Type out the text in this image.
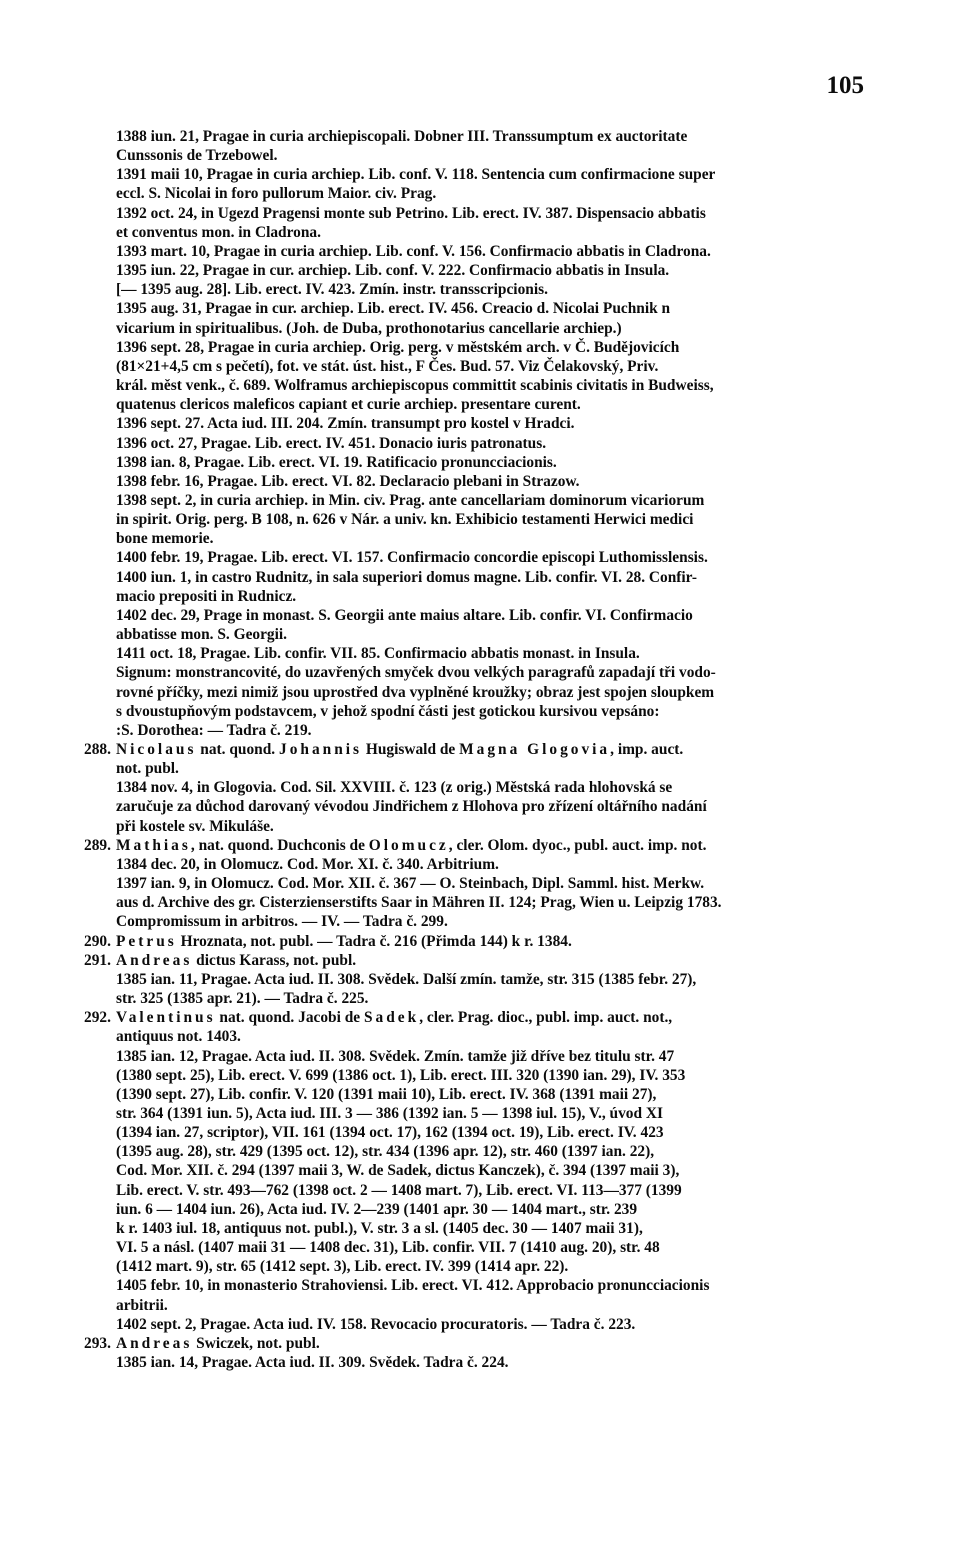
105
1388 iun. 21, Pragae in curia archiepiscopali. Dobner III. Transsumptum ex auctoritate
Cunssonis de Trzebowel.
1391 maii 10, Pragae in curia archiep. Lib. conf. V. 118. Sentencia cum confirmacione super
eccl. S. Nicolai in foro pullorum Maior. civ. Prag.
1392 oct. 24, in Ugezd Pragensi monte sub Petrino. Lib. erect. IV. 387. Dispensacio abbatis
et conventus mon. in Cladrona.
1393 mart. 10, Pragae in curia archiep. Lib. conf. V. 156. Confirmacio abbatis in Cladrona.
1395 iun. 22, Pragae in cur. archiep. Lib. conf. V. 222. Confirmacio abbatis in Insula.
[— 1395 aug. 28]. Lib. erect. IV. 423. Zmín. instr. transscripcionis.
1395 aug. 31, Pragae in cur. archiep. Lib. erect. IV. 456. Creacio d. Nicolai Puchnik n
vicarium in spiritualibus. (Joh. de Duba, prothonotarius cancellarie archiep.)
1396 sept. 28, Pragae in curia archiep. Orig. perg. v městském arch. v Č. Budějovicích
(81×21+4,5 cm s pečetí), fot. ve stát. úst. hist., F Čes. Bud. 57. Viz Čelakovský, Priv.
král. měst venk., č. 689. Wolframus archiepiscopus committit scabinis civitatis in Budweiss,
quatenus clericos maleficos capiant et curie archiep. presentare curent.
1396 sept. 27. Acta iud. III. 204. Zmín. transumpt pro kostel v Hradci.
1396 oct. 27, Pragae. Lib. erect. IV. 451. Donacio iuris patronatus.
1398 ian. 8, Pragae. Lib. erect. VI. 19. Ratificacio pronuncciacionis.
1398 febr. 16, Pragae. Lib. erect. VI. 82. Declaracio plebani in Strazow.
1398 sept. 2, in curia archiep. in Min. civ. Prag. ante cancellariam dominorum vicariorum
in spirit. Orig. perg. B 108, n. 626 v Nár. a univ. kn. Exhibicio testamenti Herwici medici
bone memorie.
1400 febr. 19, Pragae. Lib. erect. VI. 157. Confirmacio concordie episcopi Luthomisslensis.
1400 iun. 1, in castro Rudnitz, in sala superiori domus magne. Lib. confir. VI. 28. Confir-
macio prepositi in Rudnicz.
1402 dec. 29, Prage in monast. S. Georgii ante maius altare. Lib. confir. VI. Confirmacio
abbatisse mon. S. Georgii.
1411 oct. 18, Pragae. Lib. confir. VII. 85. Confirmacio abbatis monast. in Insula.
Signum: monstrancovité, do uzavřených smyček dvou velkých paragrafů zapadají tři vodo-
rovné příčky, mezi nimiž jsou uprostřed dva vyplněné kroužky; obraz jest spojen sloupkem
s dvoustupňovým podstavcem, v jehož spodní části jest gotickou kursivou vepsáno:
:S. Dorothea: — Tadra č. 219.
288. Nicolaus nat. quond. Johannis Hugiswald de Magna Glogovia, imp. auct.
not. publ.
1384 nov. 4, in Glogovia. Cod. Sil. XXVIII. č. 123 (z orig.) Městská rada hlohovská se
zaručuje za důchod darovaný vévodou Jindřichem z Hlohova pro zřízení oltářního nadání
při kostele sv. Mikuláše.
289. Mathias, nat. quond. Duchconis de Olomucz, cler. Olom. dyoc., publ. auct. imp. not.
1384 dec. 20, in Olomucz. Cod. Mor. XI. č. 340. Arbitrium.
1397 ian. 9, in Olomucz. Cod. Mor. XII. č. 367 — O. Steinbach, Dipl. Samml. hist. Merkw.
aus d. Archive des gr. Cisterzienserstifts Saar in Mähren II. 124; Prag, Wien u. Leipzig 1783.
Compromissum in arbitros. — IV. — Tadra č. 299.
290. Petrus Hroznata, not. publ. — Tadra č. 216 (Přimda 144) k r. 1384.
291. Andreas dictus Karass, not. publ.
1385 ian. 11, Pragae. Acta iud. II. 308. Svědek. Další zmín. tamže, str. 315 (1385 febr. 27),
str. 325 (1385 apr. 21). — Tadra č. 225.
292. Valentinus nat. quond. Jacobi de Sadek, cler. Prag. dioc., publ. imp. auct. not.,
antiquus not. 1403.
1385 ian. 12, Pragae. Acta iud. II. 308. Svědek. Zmín. tamže již dříve bez titulu str. 47
(1380 sept. 25), Lib. erect. V. 699 (1386 oct. 1), Lib. erect. III. 320 (1390 ian. 29), IV. 353
(1390 sept. 27), Lib. confir. V. 120 (1391 maii 10), Lib. erect. IV. 368 (1391 maii 27),
str. 364 (1391 iun. 5), Acta iud. III. 3 — 386 (1392 ian. 5 — 1398 iul. 15), V., úvod XI
(1394 ian. 27, scriptor), VII. 161 (1394 oct. 17), 162 (1394 oct. 19), Lib. erect. IV. 423
(1395 aug. 28), str. 429 (1395 oct. 12), str. 434 (1396 apr. 12), str. 460 (1397 ian. 22),
Cod. Mor. XII. č. 294 (1397 maii 3, W. de Sadek, dictus Kanczek), č. 394 (1397 maii 3),
Lib. erect. V. str. 493—762 (1398 oct. 2 — 1408 mart. 7), Lib. erect. VI. 113—377 (1399
iun. 6 — 1404 iun. 26), Acta iud. IV. 2—239 (1401 apr. 30 — 1404 mart., str. 239
k r. 1403 iul. 18, antiquus not. publ.), V. str. 3 a sl. (1405 dec. 30 — 1407 maii 31),
VI. 5 a násl. (1407 maii 31 — 1408 dec. 31), Lib. confir. VII. 7 (1410 aug. 20), str. 48
(1412 mart. 9), str. 65 (1412 sept. 3), Lib. erect. IV. 399 (1414 apr. 22).
1405 febr. 10, in monasterio Strahoviensi. Lib. erect. VI. 412. Approbacio pronuncciacionis
arbitrii.
1402 sept. 2, Pragae. Acta iud. IV. 158. Revocacio procuratoris. — Tadra č. 223.
293. Andreas Swiczek, not. publ.
1385 ian. 14, Pragae. Acta iud. II. 309. Svědek. Tadra č. 224.
